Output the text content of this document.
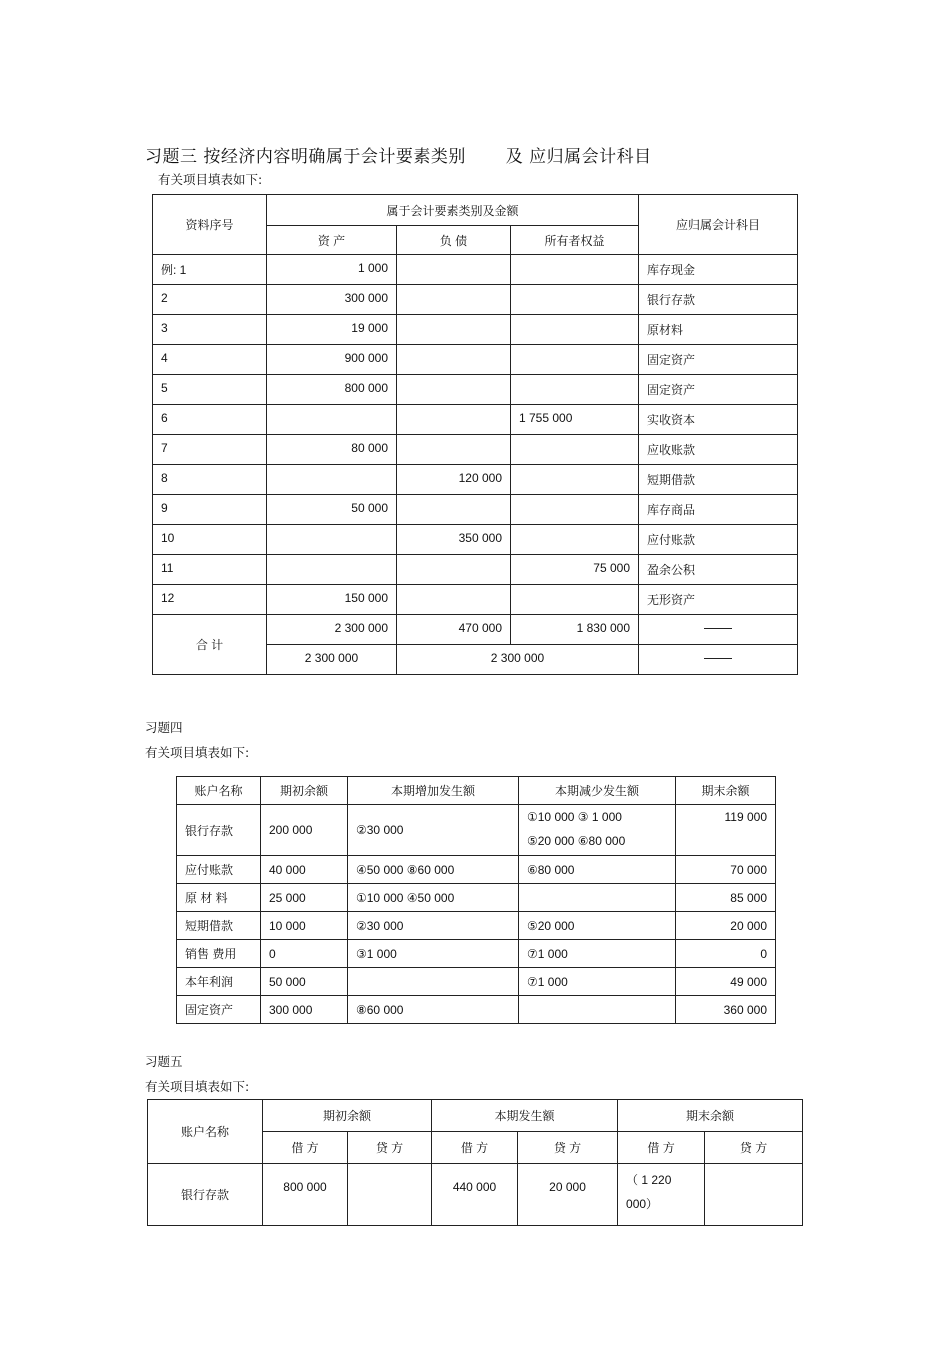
习题三 按经济内容明确属于会计要素类别 及 应归属会计科目
有关项目填表如下:
资料序号	属于会计要素类别及金额			应归属会计科目
	资 产	负 债	所有者权益	
例: 1	1 000			库存现金
2	300 000			银行存款
3	19 000			原材料
4	900 000			固定资产
5	800 000			固定资产
6			1 755 000	实收资本
7	80 000			应收账款
8		120 000		短期借款
9	50 000			库存商品
10		350 000		应付账款
11			75 000	盈余公积
12	150 000			无形资产
合 计	2 300 000	470 000	1 830 000	
	2 300 000	2 300 000		
习题四
有关项目填表如下:
账户名称	期初余额	本期增加发生额	本期减少发生额	期末余额
银行存款	200 000	②30 000	①10 000 ③ 1 000
⑤20 000 ⑥80 000	119 000
应付账款	40 000	④50 000 ⑧60 000	⑥80 000	70 000
原 材 料	25 000	①10 000 ④50 000		85 000
短期借款	10 000	②30 000	⑤20 000	20 000
销售 费用	0	③1 000	⑦1 000	0
本年利润	50 000		⑦1 000	49 000
固定资产	300 000	⑧60 000		360 000
习题五
有关项目填表如下:
账户名称	期初余额		本期发生额		期末余额	
	借 方	贷 方	借 方	贷 方	借 方	贷 方
银行存款	800 000		440 000	20 000	（ 1 220
000）	
